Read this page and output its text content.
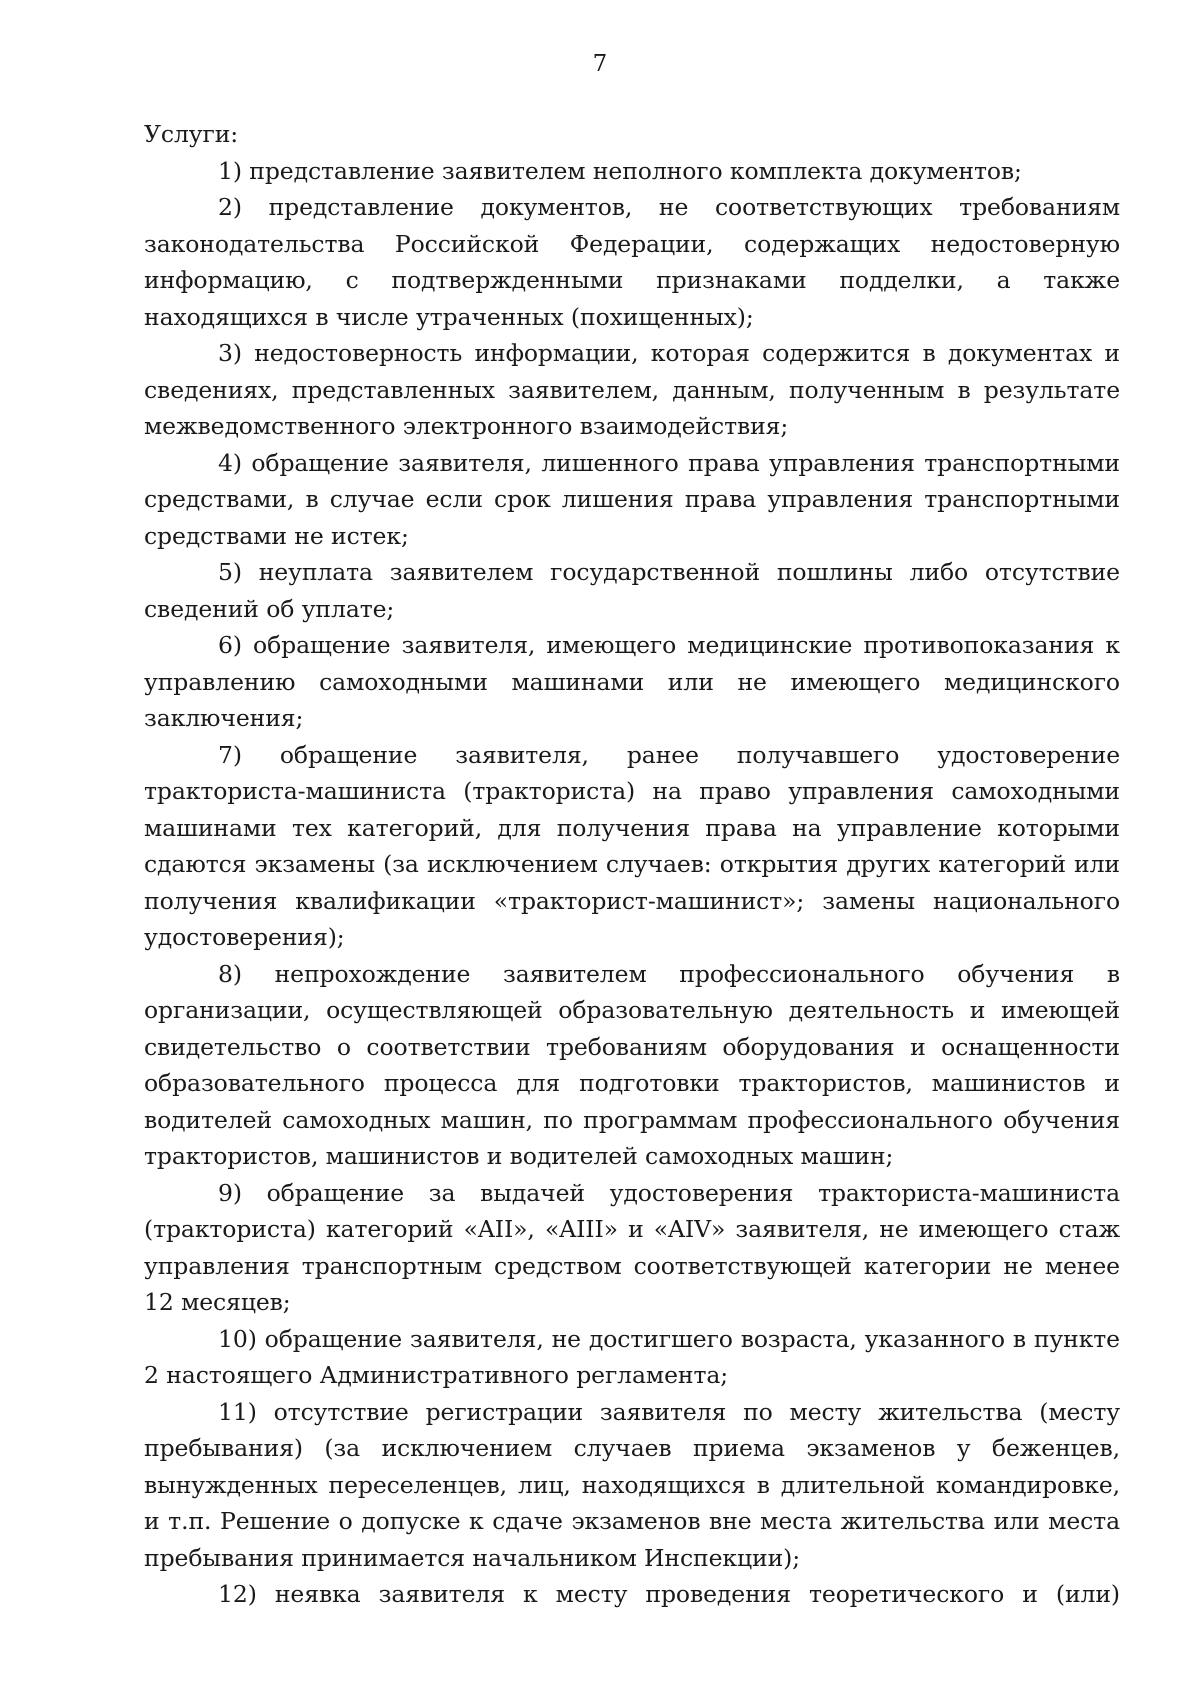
7

Услуги:

1) представление заявителем неполного комплекта документов;

2) представление документов, не соответствующих требованиям законодательства Российской Федерации, содержащих недостоверную информацию, с подтвержденными признаками подделки, а также находящихся в числе утраченных (похищенных);

3) недостоверность информации, которая содержится в документах и сведениях, представленных заявителем, данным, полученным в результате межведомственного электронного взаимодействия;

4) обращение заявителя, лишенного права управления транспортными средствами, в случае если срок лишения права управления транспортными средствами не истек;

5) неуплата заявителем государственной пошлины либо отсутствие сведений об уплате;

6) обращение заявителя, имеющего медицинские противопоказания к управлению самоходными машинами или не имеющего медицинского заключения;

7) обращение заявителя, ранее получавшего удостоверение тракториста-машиниста (тракториста) на право управления самоходными машинами тех категорий, для получения права на управление которыми сдаются экзамены (за исключением случаев: открытия других категорий или получения квалификации «тракторист-машинист»; замены национального удостоверения);

8) непрохождение заявителем профессионального обучения в организации, осуществляющей образовательную деятельность и имеющей свидетельство о соответствии требованиям оборудования и оснащенности образовательного процесса для подготовки трактористов, машинистов и водителей самоходных машин, по программам профессионального обучения трактористов, машинистов и водителей самоходных машин;

9) обращение за выдачей удостоверения тракториста-машиниста (тракториста) категорий «AII», «AIII» и «AIV» заявителя, не имеющего стаж управления транспортным средством соответствующей категории не менее 12 месяцев;

10) обращение заявителя, не достигшего возраста, указанного в пункте 2 настоящего Административного регламента;

11) отсутствие регистрации заявителя по месту жительства (месту пребывания) (за исключением случаев приема экзаменов у беженцев, вынужденных переселенцев, лиц, находящихся в длительной командировке, и т.п. Решение о допуске к сдаче экзаменов вне места жительства или места пребывания принимается начальником Инспекции);

12) неявка заявителя к месту проведения теоретического и (или)
